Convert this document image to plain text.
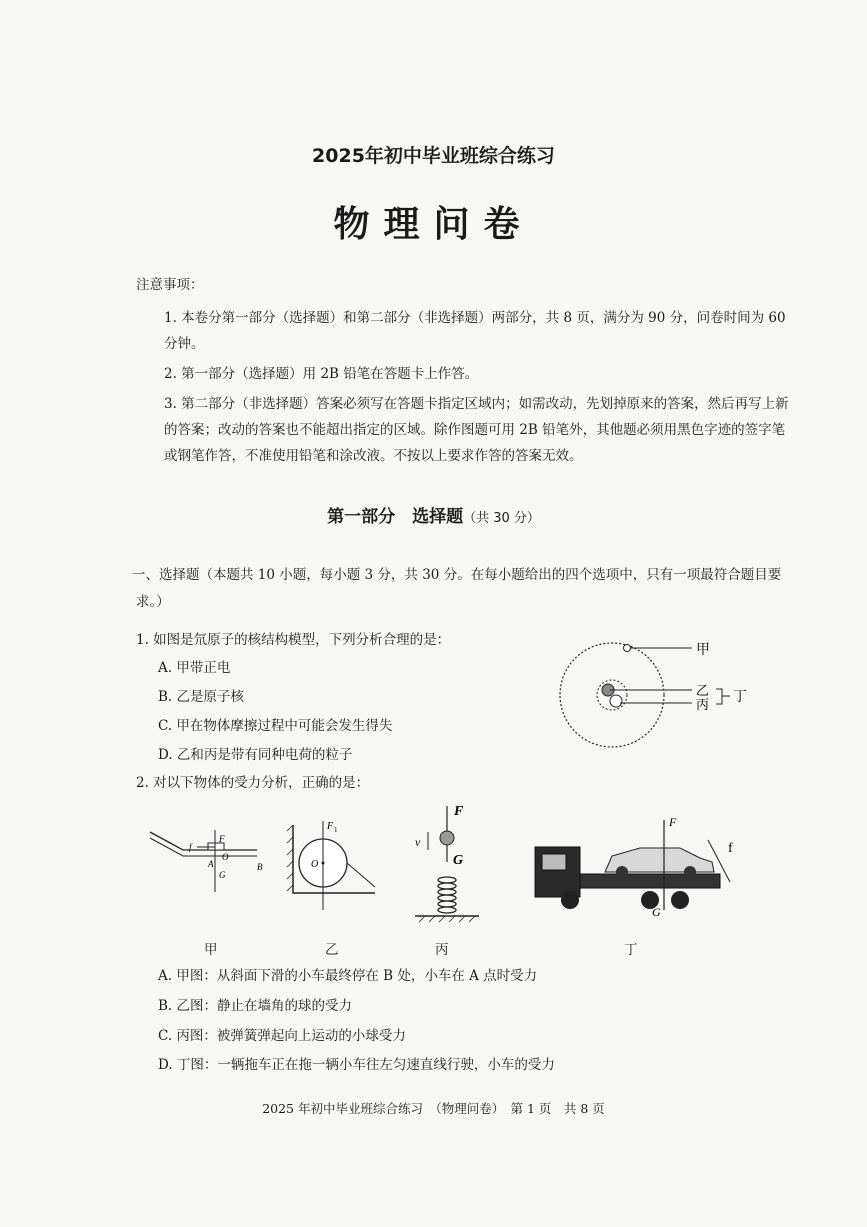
2025年初中毕业班综合练习
物理问卷
注意事项：
1. 本卷分第一部分（选择题）和第二部分（非选择题）两部分，共 8 页，满分为 90 分，问卷时间为 60 分钟。
2. 第一部分（选择题）用 2B 铅笔在答题卡上作答。
3. 第二部分（非选择题）答案必须写在答题卡指定区域内；如需改动，先划掉原来的答案，然后再写上新的答案；改动的答案也不能超出指定的区域。除作图题可用 2B 铅笔外，其他题必须用黑色字迹的签字笔或钢笔作答，不准使用铅笔和涂改液。不按以上要求作答的答案无效。
第一部分　选择题（共 30 分）
一、选择题（本题共 10 小题，每小题 3 分，共 30 分。在每小题给出的四个选项中，只有一项最符合题目要求。）
1. 如图是氘原子的核结构模型，下列分析合理的是：
A. 甲带正电
B. 乙是原子核
C. 甲在物体摩擦过程中可能会发生得失
D. 乙和丙是带有同种电荷的粒子
甲
乙
丙 丁
2. 对以下物体的受力分析，正确的是：
F
f
O
A
G
B	O
F 1
F
G
v
F
G
f
甲	乙	丙	丁
A. 甲图：从斜面下滑的小车最终停在 B 处，小车在 A 点时受力
B. 乙图：静止在墙角的球的受力
C. 丙图：被弹簧弹起向上运动的小球受力
D. 丁图：一辆拖车正在拖一辆小车往左匀速直线行驶，小车的受力
2025 年初中毕业班综合练习　（物理问卷）　第 1 页　共 8 页
